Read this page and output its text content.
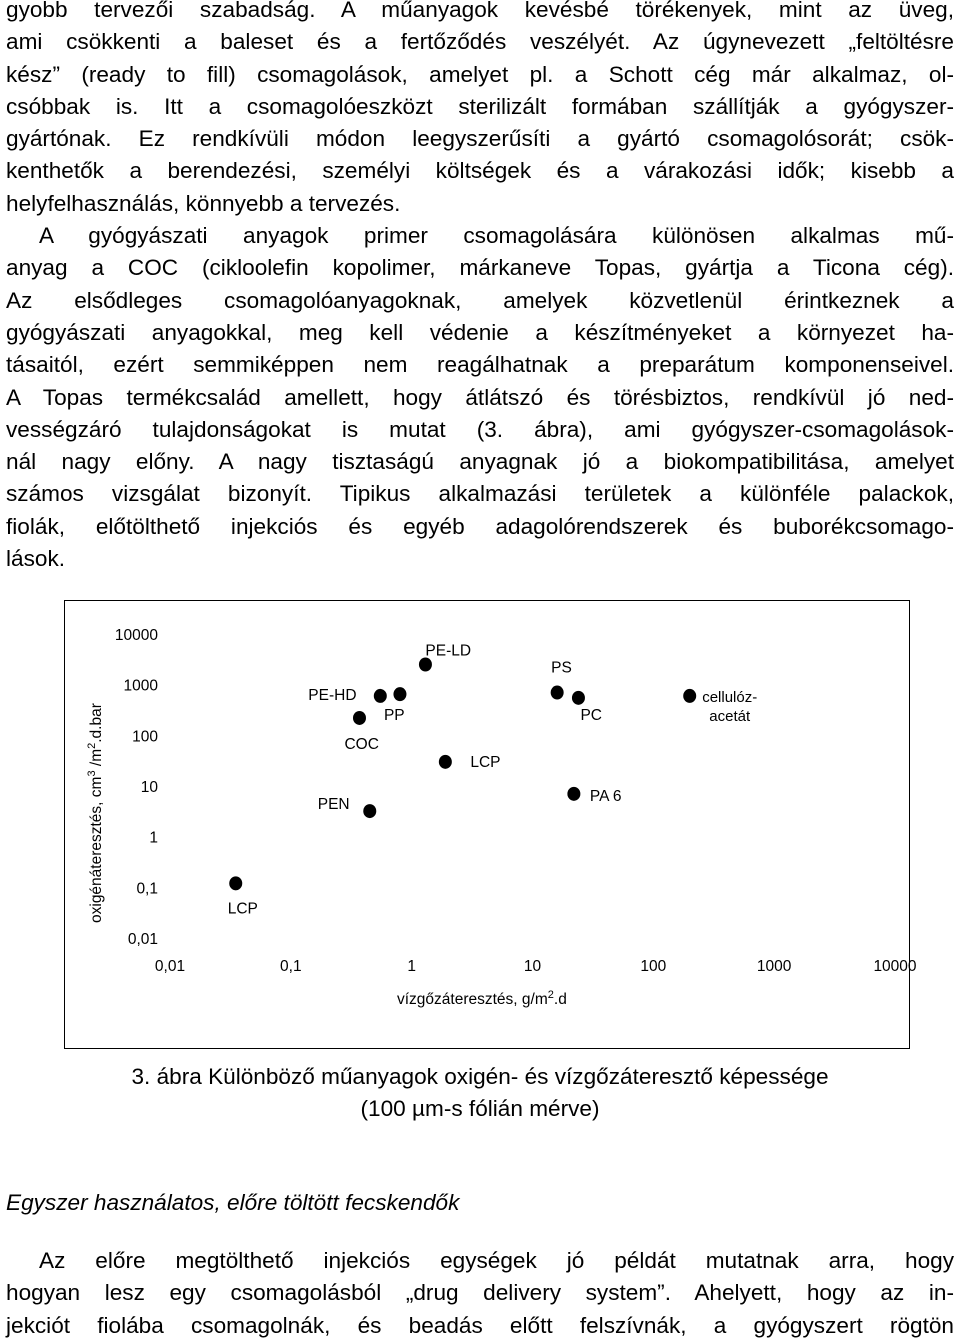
gyobb tervezői szabadság. A műanyagok kevésbé törékenyek, mint az üveg,
ami csökkenti a baleset és a fertőződés veszélyét. Az úgynevezett „feltöltésre
kész” (ready to fill) csomagolások, amelyet pl. a Schott cég már alkalmaz, ol-
csóbbak is. Itt a csomagolóeszközt sterilizált formában szállítják a gyógyszer-
gyártónak. Ez rendkívüli módon leegyszerűsíti a gyártó csomagolósorát; csök-
kenthetők a berendezési, személyi költségek és a várakozási idők; kisebb a
helyfelhasználás, könnyebb a tervezés.
A gyógyászati anyagok primer csomagolására különösen alkalmas mű-
anyag a COC (cikloolefin kopolimer, márkaneve Topas, gyártja a Ticona cég).
Az elsődleges csomagolóanyagoknak, amelyek közvetlenül érintkeznek a
gyógyászati anyagokkal, meg kell védenie a készítményeket a környezet ha-
tásaitól, ezért semmiképpen nem reagálhatnak a preparátum komponenseivel.
A Topas termékcsalád amellett, hogy átlátszó és törésbiztos, rendkívül jó ned-
vességzáró tulajdonságokat is mutat (3. ábra), ami gyógyszer-csomagolások-
nál nagy előny. A nagy tisztaságú anyagnak jó a biokompatibilitása, amelyet
számos vizsgálat bizonyít. Tipikus alkalmazási területek a különféle palackok,
fiolák, előtölthető injekciós és egyéb adagolórendszerek és buborékcsomago-
lások.
10000
1000
100
10
1
0,1
0,01
0,01	0,1	1	10	100	1000	10000
LCP
PEN
COC
PE-HD
PP
PE-LD
LCP
PS
PC
PA 6
cellulóz-
acetát
vízgőzáteresztés, $g/m^2.d$
oxigénáteresztés, $cm^3$ $/m^2.d.bar$
3. ábra Különböző műanyagok oxigén- és vízgőzáteresztő képessége
(100 µm-s fólián mérve)
Egyszer használatos, előre töltött fecskendők
Az előre megtölthető injekciós egységek jó példát mutatnak arra, hogy
hogyan lesz egy csomagolásból „drug delivery system”. Ahelyett, hogy az in-
jekciót fiolába csomagolnák, és beadás előtt felszívnák, a gyógyszert rögtön
